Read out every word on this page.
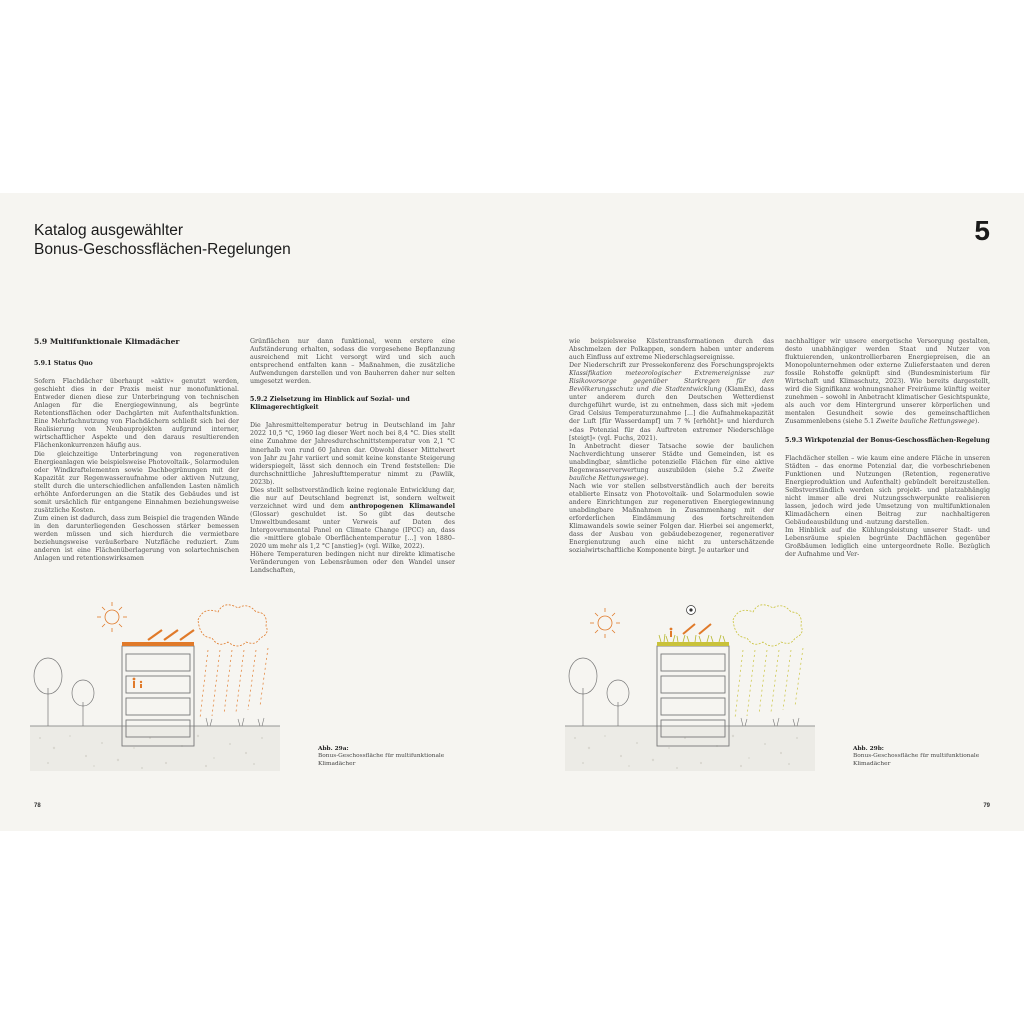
Katalog ausgewählter
Bonus-Geschossflächen-Regelungen
5
5.9 Multifunktionale Klimadächer
5.9.1 Status Quo

Sofern Flachdächer überhaupt »aktiv« genutzt werden, geschieht dies in der Praxis meist nur monofunktional. Entweder dienen diese zur Unterbringung von technischen Anlagen für die Energiegewinnung, als begrünte Retentionsflächen oder Dachgärten mit Aufenthaltsfunktion. Eine Mehrfachnutzung von Flachdächern schließt sich bei der Realisierung von Neubauprojekten aufgrund interner, wirtschaftlicher Aspekte und den daraus resultierenden Flächenkonkurrenzen häufig aus.

Die gleichzeitige Unterbringung von regenerativen Energieanlagen wie beispielsweise Photovoltaik-, Solarmodulen oder Windkraftelementen sowie Dachbegrünungen mit der Kapazität zur Regenwasseraufnahme oder aktiven Nutzung, stellt durch die unterschiedlichen anfallenden Lasten nämlich erhöhte Anforderungen an die Statik des Gebäudes und ist somit ursächlich für entgangene Einnahmen beziehungsweise zusätzliche Kosten.

Zum einen ist dadurch, dass zum Beispiel die tragenden Wände in den darunterliegenden Geschossen stärker bemessen werden müssen und sich hierdurch die vermietbare beziehungsweise veräußerbare Nutzfläche reduziert. Zum anderen ist eine Flächenüberlagerung von solartechnischen Anlagen und retentionswirksamen

Grünflächen nur dann funktional, wenn erstere eine Aufständerung erhalten, sodass die vorgesehene Bepflanzung ausreichend mit Licht versorgt wird und sich auch entsprechend entfalten kann – Maßnahmen, die zusätzliche Aufwendungen darstellen und von Bauherren daher nur selten umgesetzt werden.

5.9.2 Zielsetzung im Hinblick auf Sozial- und Klimagerechtigkeit

Die Jahresmitteltemperatur betrug in Deutschland im Jahr 2022 10,5 °C, 1960 lag dieser Wert noch bei 8,4 °C. Dies stellt eine Zunahme der Jahresdurchschnittstemperatur von 2,1 °C innerhalb von rund 60 Jahren dar. Obwohl dieser Mittelwert von Jahr zu Jahr variiert und somit keine konstante Steigerung widerspiegelt, lässt sich dennoch ein Trend feststellen: Die durchschnittliche Jahreslufttemperatur nimmt zu (Pawlik, 2023b).

Dies stellt selbstverständlich keine regionale Entwicklung dar, die nur auf Deutschland begrenzt ist, sondern weltweit verzeichnet wird und dem anthropogenen Klimawandel (Glossar) geschuldet ist. So gibt das deutsche Umweltbundesamt unter Verweis auf Daten des Intergovernmental Panel on Climate Change (IPCC) an, dass die »mittlere globale Oberflächentemperatur [...] von 1880–2020 um mehr als 1,2 °C [anstieg]« (vgl. Wilke, 2022).

Höhere Temperaturen bedingen nicht nur direkte klimatische Veränderungen von Lebensräumen oder den Wandel unser Landschaften,

wie beispielsweise Küstentransformationen durch das Abschmelzen der Polkappen, sondern haben unter anderem auch Einfluss auf extreme Niederschlagsereignisse.

Der Niederschrift zur Pressekonferenz des Forschungsprojekts Klassifikation meteorologischer Extremereignisse zur Risikovorsorge gegenüber Starkregen für den Bevölkerungsschutz und die Stadtentwicklung (KlamEx), dass unter anderem durch den Deutschen Wetterdienst durchgeführt wurde, ist zu entnehmen, dass sich mit »jedem Grad Celsius Temperaturzunahme [...] die Aufnahmekapazität der Luft [für Wasserdampf] um 7 % [erhöht]« und hierdurch »das Potenzial für das Auftreten extremer Niederschläge [steigt]« (vgl. Fuchs, 2021).

In Anbetracht dieser Tatsache sowie der baulichen Nachverdichtung unserer Städte und Gemeinden, ist es unabdingbar, sämtliche potenzielle Flächen für eine aktive Regenwasserverwertung auszubilden (siehe 5.2 Zweite bauliche Rettungswege).

Nach wie vor stellen selbstverständlich auch der bereits etablierte Einsatz von Photovoltaik- und Solarmodulen sowie andere Einrichtungen zur regenerativen Energiegewinnung unabdingbare Maßnahmen in Zusammenhang mit der erforderlichen Eindämmung des fortschreitenden Klimawandels sowie seiner Folgen dar. Hierbei sei angemerkt, dass der Ausbau von gebäudebezogener, regenerativer Energienutzung auch eine nicht zu unterschätzende sozialwirtschaftliche Komponente birgt. Je autarker und

nachhaltiger wir unsere energetische Versorgung gestalten, desto unabhängiger werden Staat und Nutzer von fluktuierenden, unkontrollierbaren Energiepreisen, die an Monopolunternehmen oder externe Zulieferstaaten und deren fossile Rohstoffe geknüpft sind (Bundesministerium für Wirtschaft und Klimaschutz, 2023). Wie bereits dargestellt, wird die Signifikanz wohnungsnaher Freiräume künftig weiter zunehmen – sowohl in Anbetracht klimatischer Gesichtspunkte, als auch vor dem Hintergrund unserer körperlichen und mentalen Gesundheit sowie des gemeinschaftlichen Zusammenlebens (siehe 5.1 Zweite bauliche Rettungswege).

5.9.3 Wirkpotenzial der Bonus-Geschossflächen-Regelung

Flachdächer stellen – wie kaum eine andere Fläche in unseren Städten – das enorme Potenzial dar, die vorbeschriebenen Funktionen und Nutzungen (Retention, regenerative Energieproduktion und Aufenthalt) gebündelt bereitzustellen. Selbstverständlich werden sich projekt- und platzabhängig nicht immer alle drei Nutzungsschwerpunkte realisieren lassen, jedoch wird jede Umsetzung von multifunktionalen Klimadächern einen Beitrag zur nachhaltigeren Gebäudeausbildung und -nutzung darstellen.

Im Hinblick auf die Kühlungsleistung unserer Stadt- und Lebensräume spielen begrünte Dachflächen gegenüber Großbäumen lediglich eine untergeordnete Rolle. Bezüglich der Aufnahme und Ver-

Abb. 29a:
Bonus-Geschossfläche für multifunktionale Klimadächer
Abb. 29b:
Bonus-Geschossfläche für multifunktionale Klimadächer
78	79
